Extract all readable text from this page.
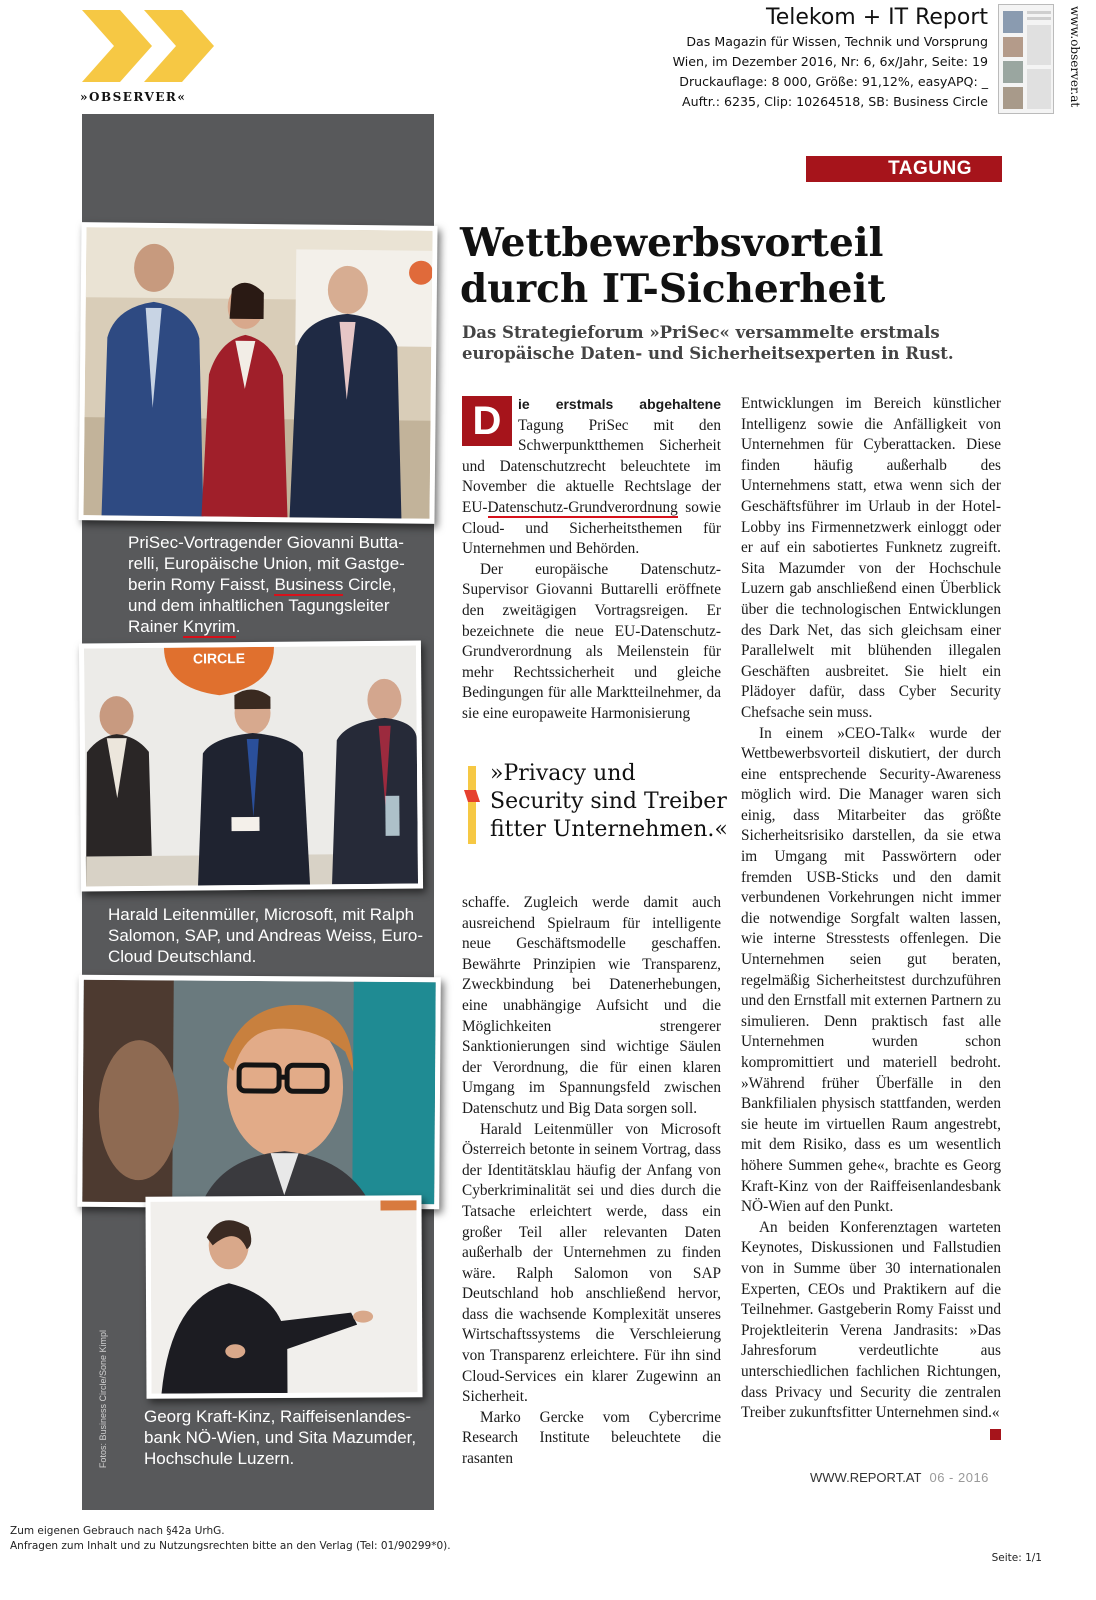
»OBSERVER«
Telekom + IT Report
Das Magazin für Wissen, Technik und Vorsprung
Wien, im Dezember 2016, Nr: 6, 6x/Jahr, Seite: 19
Druckauflage: 8 000, Größe: 91,12%, easyAPQ: _
Auftr.: 6235, Clip: 10264518, SB: Business Circle	www.observer.at
PriSec-Vortragender Giovanni Butta-
relli, Europäische Union, mit Gastge-
berin Romy Faisst, Business Circle,
und dem inhaltlichen Tagungsleiter
Rainer Knyrim.
CIRCLE
Harald Leitenmüller, Microsoft, mit Ralph
Salomon, SAP, und Andreas Weiss, Euro-
Cloud Deutschland.
Georg Kraft-Kinz, Raiffeisenlandes-
bank NÖ-Wien, und Sita Mazumder,
Hochschule Luzern.
Fotos: Business Circle/Sone Kimpl
TAGUNG
Wettbewerbsvorteil
durch IT-Sicherheit
Das Strategieforum »PriSec« versammelte erstmals europäische Daten- und Sicherheitsexperten in Rust.

D	ie erstmals abgehaltene Tagung PriSec mit den Schwerpunktthemen Sicherheit und Datenschutzrecht beleuchtete im November die aktuelle Rechtslage der EU-Datenschutz-Grundverordnung sowie Cloud- und Sicherheitsthemen für Unternehmen und Behörden.

Der europäische Datenschutz-Supervisor Giovanni Buttarelli eröffnete den zweitägigen Vortragsreigen. Er bezeichnete die neue EU-Datenschutz-Grundverordnung als Meilenstein für mehr Rechtssicherheit und gleiche Bedingungen für alle Marktteilnehmer, da sie eine europaweite Harmonisierung

»Privacy und Security sind Treiber fitter Unternehmen.«

schaffe. Zugleich werde damit auch ausreichend Spielraum für intelligente neue Geschäftsmodelle geschaffen. Bewährte Prinzipien wie Transparenz, Zweckbindung bei Datenerhebungen, eine unabhängige Aufsicht und die Möglichkeiten strengerer Sanktionierungen sind wichtige Säulen der Verordnung, die für einen klaren Umgang im Spannungsfeld zwischen Datenschutz und Big Data sorgen soll.

Harald Leitenmüller von Microsoft Österreich betonte in seinem Vortrag, dass der Identitätsklau häufig der Anfang von Cyberkriminalität sei und dies durch die Tatsache erleichtert werde, dass ein großer Teil aller relevanten Daten außerhalb der Unternehmen zu finden wäre. Ralph Salomon von SAP Deutschland hob anschließend hervor, dass die wachsende Komplexität unseres Wirtschaftssystems die Verschleierung von Transparenz erleichtere. Für ihn sind Cloud-Services ein klarer Zugewinn an Sicherheit.

Marko Gercke vom Cybercrime Research Institute beleuchtete die rasanten

Entwicklungen im Bereich künstlicher Intelligenz sowie die Anfälligkeit von Unternehmen für Cyberattacken. Diese finden häufig außerhalb des Unternehmens statt, etwa wenn sich der Geschäftsführer im Urlaub in der Hotel-Lobby ins Firmennetzwerk einloggt oder er auf ein sabotiertes Funknetz zugreift. Sita Mazumder von der Hochschule Luzern gab anschließend einen Überblick über die technologischen Entwicklungen des Dark Net, das sich gleichsam einer Parallelwelt mit blühenden illegalen Geschäften ausbreitet. Sie hielt ein Plädoyer dafür, dass Cyber Security Chefsache sein muss.

In einem »CEO-Talk« wurde der Wettbewerbsvorteil diskutiert, der durch eine entsprechende Security-Awareness möglich wird. Die Manager waren sich einig, dass Mitarbeiter das größte Sicherheitsrisiko darstellen, da sie etwa im Umgang mit Passwörtern oder fremden USB-Sticks und den damit verbundenen Vorkehrungen nicht immer die notwendige Sorgfalt walten lassen, wie interne Stresstests offenlegen. Die Unternehmen seien gut beraten, regelmäßig Sicherheitstest durchzuführen und den Ernstfall mit externen Partnern zu simulieren. Denn praktisch fast alle Unternehmen wurden schon kompromittiert und materiell bedroht. »Während früher Überfälle in den Bankfilialen physisch stattfanden, werden sie heute im virtuellen Raum angestrebt, mit dem Risiko, dass es um wesentlich höhere Summen gehe«, brachte es Georg Kraft-Kinz von der Raiffeisenlandesbank NÖ-Wien auf den Punkt.

An beiden Konferenztagen warteten Keynotes, Diskussionen und Fallstudien von in Summe über 30 internationalen Experten, CEOs und Praktikern auf die Teilnehmer. Gastgeberin Romy Faisst und Projektleiterin Verena Jandrasits: »Das Jahresforum verdeutlichte aus unterschiedlichen fachlichen Richtungen, dass Privacy und Security die zentralen Treiber zukunftsfitter Unternehmen sind.«

WWW.REPORT.AT 06 - 2016
Zum eigenen Gebrauch nach §42a UrhG.
Anfragen zum Inhalt und zu Nutzungsrechten bitte an den Verlag (Tel: 01/90299*0).
Seite: 1/1
